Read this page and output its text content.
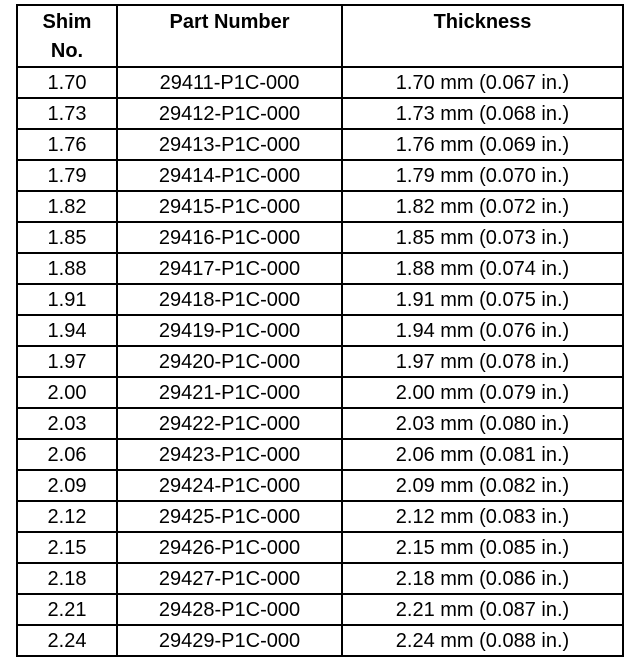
Shim
No.	Part Number	Thickness
1.70	29411-P1C-000	1.70 mm (0.067 in.)
1.73	29412-P1C-000	1.73 mm (0.068 in.)
1.76	29413-P1C-000	1.76 mm (0.069 in.)
1.79	29414-P1C-000	1.79 mm (0.070 in.)
1.82	29415-P1C-000	1.82 mm (0.072 in.)
1.85	29416-P1C-000	1.85 mm (0.073 in.)
1.88	29417-P1C-000	1.88 mm (0.074 in.)
1.91	29418-P1C-000	1.91 mm (0.075 in.)
1.94	29419-P1C-000	1.94 mm (0.076 in.)
1.97	29420-P1C-000	1.97 mm (0.078 in.)
2.00	29421-P1C-000	2.00 mm (0.079 in.)
2.03	29422-P1C-000	2.03 mm (0.080 in.)
2.06	29423-P1C-000	2.06 mm (0.081 in.)
2.09	29424-P1C-000	2.09 mm (0.082 in.)
2.12	29425-P1C-000	2.12 mm (0.083 in.)
2.15	29426-P1C-000	2.15 mm (0.085 in.)
2.18	29427-P1C-000	2.18 mm (0.086 in.)
2.21	29428-P1C-000	2.21 mm (0.087 in.)
2.24	29429-P1C-000	2.24 mm (0.088 in.)
